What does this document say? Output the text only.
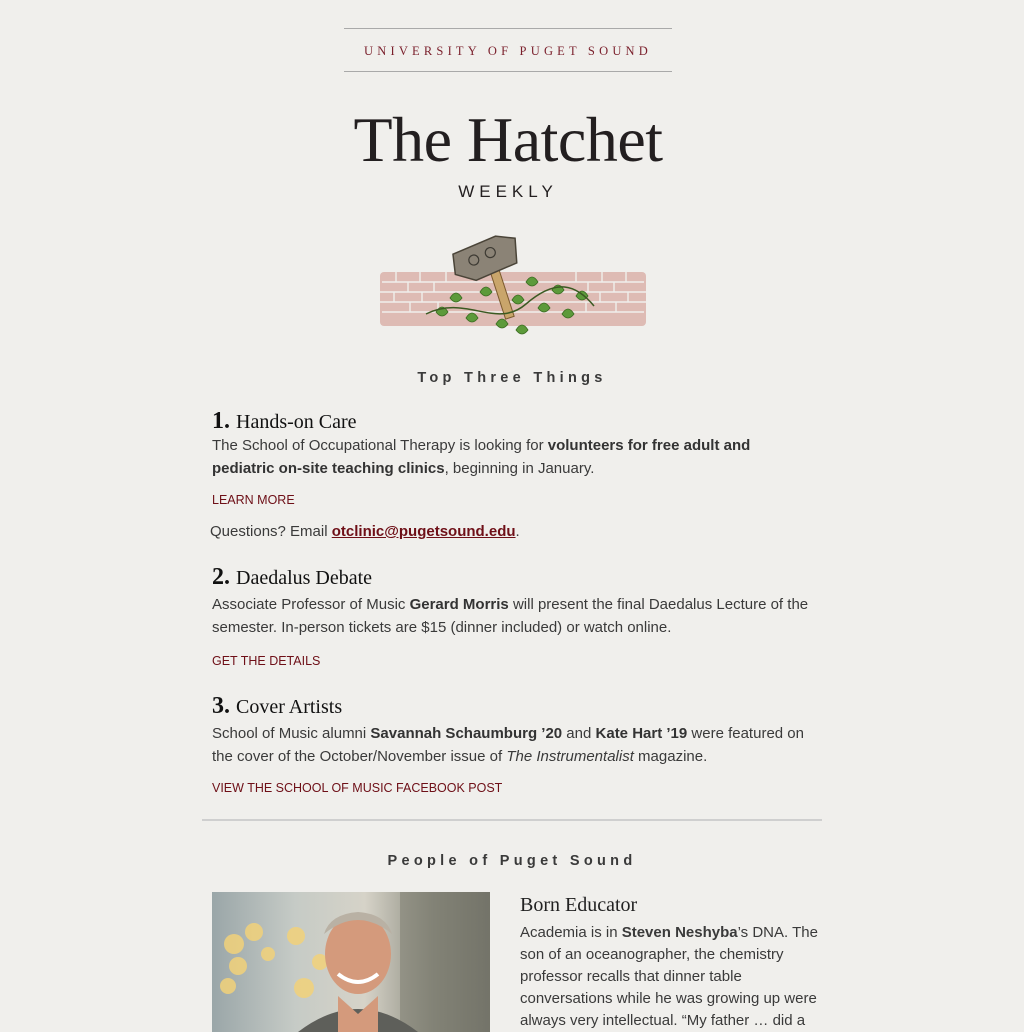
UNIVERSITY OF PUGET SOUND
The Hatchet
WEEKLY
Top Three Things
1. Hands-on Care
The School of Occupational Therapy is looking for volunteers for free adult and pediatric on-site teaching clinics, beginning in January.
LEARN MORE
Questions? Email otclinic@pugetsound.edu.
2. Daedalus Debate
Associate Professor of Music Gerard Morris will present the final Daedalus Lecture of the semester. In-person tickets are $15 (dinner included) or watch online.
GET THE DETAILS
3. Cover Artists
School of Music alumni Savannah Schaumburg ’20 and Kate Hart ’19 were featured on the cover of the October/November issue of The Instrumentalist magazine.
VIEW THE SCHOOL OF MUSIC FACEBOOK POST
People of Puget Sound
Born Educator
Academia is in Steven Neshyba’s DNA. The son of an oceanographer, the chemistry professor recalls that dinner table conversations while he was growing up were always very intellectual. “My father … did a
